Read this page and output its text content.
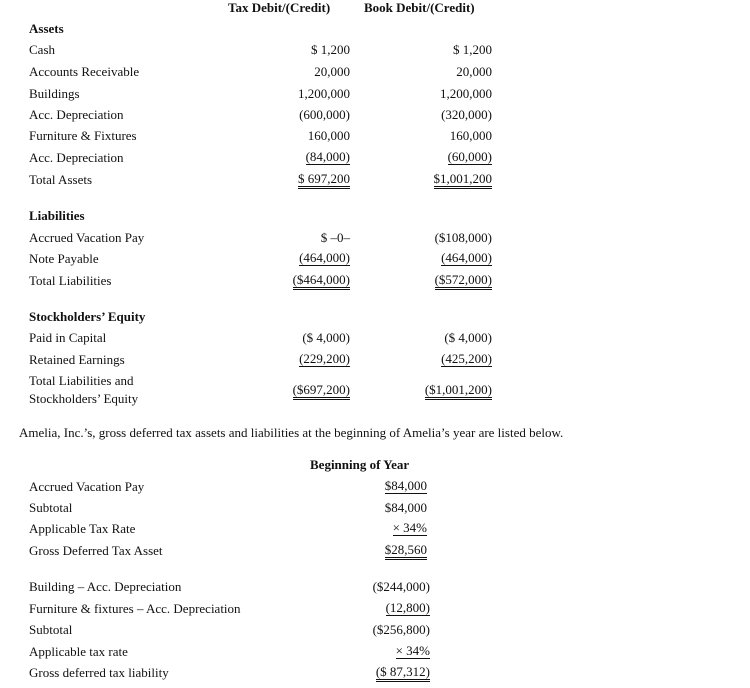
Tax Debit/(Credit)	Book Debit/(Credit)
Assets
Cash	$ 1,200	$ 1,200
Accounts Receivable	20,000	20,000
Buildings	1,200,000	1,200,000
Acc. Depreciation	(600,000)	(320,000)
Furniture & Fixtures	160,000	160,000
Acc. Depreciation	(84,000)	(60,000)
Total Assets	$ 697,200	$1,001,200
Liabilities
Accrued Vacation Pay	$ –0–	($108,000)
Note Payable	(464,000)	(464,000)
Total Liabilities	($464,000)	($572,000)
Stockholders’ Equity
Paid in Capital	($ 4,000)	($ 4,000)
Retained Earnings	(229,200)	(425,200)
Total Liabilities and
Stockholders’ Equity
($697,200)	($1,001,200)
Amelia, Inc.’s, gross deferred tax assets and liabilities at the beginning of Amelia’s year are listed below.
Beginning of Year
Accrued Vacation Pay	$84,000
Subtotal	$84,000
Applicable Tax Rate	× 34%
Gross Deferred Tax Asset	$28,560
Building – Acc. Depreciation	($244,000)
Furniture & fixtures – Acc. Depreciation	(12,800)
Subtotal	($256,800)
Applicable tax rate	× 34%
Gross deferred tax liability	($ 87,312)
